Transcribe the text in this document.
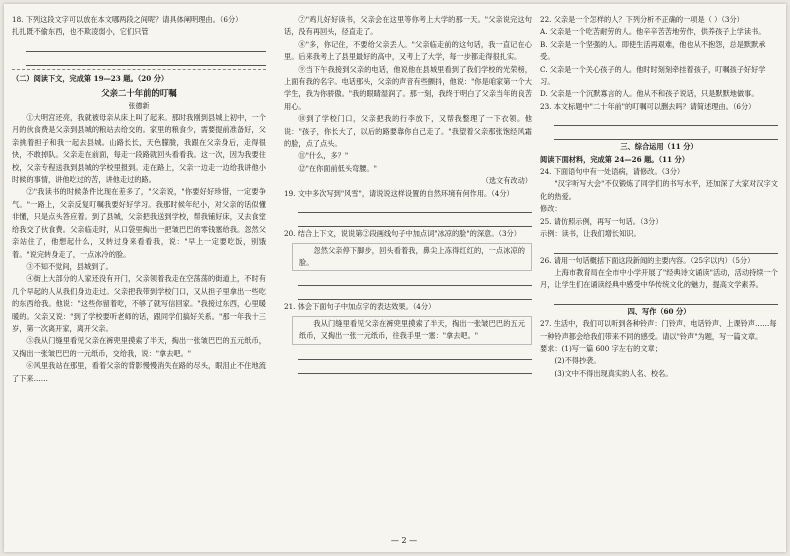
18. 下列这段文字可以放在本文哪两段之间呢？请具体阐明理由。（6分）

扎扎既不偷东西，也不欺凌弱小，它们只管

（二）阅读下文，完成第 19—23 题。（20 分）

父亲二十年前的叮嘱

张德新

①大明宫还亮，我就被母亲从床上叫了起来。那时我刚到县城上初中，一个月的伙食费是父亲到县城的粮站去给交的。家里的粮食少，需要提前准备好，父亲挑着担子和我一起去县城。山路长长，天色朦胧，我跟在父亲身后，走得很快，不敢掉队。父亲走在前面，每走一段路就回头看看我。这一次，因为我要住校，父亲专程送我到县城的学校里报到。走在路上，父亲一边走一边给我讲他小时候的事情，讲他吃过的苦，讲他走过的路。

②"我读书的时候条件比现在差多了，"父亲说，"你要好好珍惜，一定要争气。"一路上，父亲反复叮嘱我要好好学习。我那时候年纪小，对父亲的话似懂非懂，只是点头答应着。到了县城，父亲把我送到学校，帮我铺好床，又去食堂给我交了伙食费。父亲临走时，从口袋里掏出一把皱巴巴的零钱塞给我。忽然父亲站住了，他想起什么，又转过身来看看我，说："早上一定要吃饭，别饿着。"说完转身走了，一点冰冷的脸。

③不知不觉间，县城到了。

④街上大部分的人家还没有开门，父亲领着我走在空荡荡的街道上，不时有几个早起的人从我们身边走过。父亲把我带到学校门口，又从担子里拿出一些吃的东西给我。他说："这些你留着吃，不够了就写信回家。"我接过东西，心里暖暖的。父亲又说："到了学校要听老师的话，跟同学们搞好关系。"那一年我十三岁，第一次离开家，离开父亲。

⑤我从门缝里看见父亲在裤兜里摸索了半天，掏出一张皱巴巴的五元纸币，又掏出一张皱巴巴的一元纸币，交给我，说："拿去吧。"

⑥风里我站在那里，看着父亲的背影慢慢消失在路的尽头，眼泪止不住地流了下来……

⑦"鸡儿好好读书，父亲会在这里等你考上大学的那一天。"父亲说完这句话，没有再回头，径直走了。

⑧"多，你记住，不要给父亲丢人。"父亲临走前的这句话，我一直记在心里。后来我考上了县里最好的高中，又考上了大学，每一步都走得很扎实。

⑨当下午我接到父亲的电话，他说他在县城里看到了我们学校的光荣榜，上面有我的名字。电话那头，父亲的声音有些颤抖，他说："你是咱家第一个大学生，我为你骄傲。"我的眼睛湿润了。那一刻，我终于明白了父亲当年的良苦用心。

⑩到了学校门口，父亲把我的行李放下，又帮我整理了一下衣领。他说："孩子，你长大了，以后的路要靠你自己走了。"我望着父亲那张饱经风霜的脸，点了点头。

⑪"什么，多？"

⑫"在你面前低头弯腰。"

（选文有改动）

19. 文中多次写到"风雪"，请说说这样设置的自然环境有何作用。（4分）

20. 结合上下文，说说第②段画线句子中加点词"冰凉的脸"的深意。（3分）

忽然父亲停下脚步，回头看着我，鼻尖上冻得红红的，一点冰凉的脸。

21. 体会下面句子中加点字的表达效果。（4分）

我从门缝里看见父亲在裤兜里摸索了半天，掏出一张皱巴巴的五元纸币，又掏出一张一元纸币，往我手里一塞："拿去吧。"

22. 父亲是一个怎样的人？下列分析不正确的一项是（ ）（3分）

A. 父亲是一个吃苦耐劳的人。他辛辛苦苦地劳作，供养孩子上学读书。

B. 父亲是一个坚强的人。即使生活再艰难，他也从不抱怨，总是默默承受。

C. 父亲是一个关心孩子的人。他时时刻刻牵挂着孩子，叮嘱孩子好好学习。

D. 父亲是一个沉默寡言的人。他从不和孩子说话，只是默默地做事。

23. 本文标题中"二十年前"的叮嘱可以删去吗？请简述理由。（6分）

三、综合运用（11 分）

阅读下面材料，完成第 24—26 题。（11 分）

24. 下面语句中有一处语病，请修改。（3分）

"汉字听写大会"不仅锻炼了同学们的书写水平，还加深了大家对汉字文化的热爱。

修改：

25. 请仿照示例，再写一句话。（3分）

示例：读书，让我们增长知识。

26. 请用一句话概括下面这段新闻的主要内容。（25字以内）（5分）

上海市教育局在全市中小学开展了"经典诗文诵读"活动，活动持续一个月，让学生们在诵读经典中感受中华传统文化的魅力，提高文学素养。

四、写作（60 分）

27. 生活中，我们可以听到各种铃声：门铃声、电话铃声、上课铃声……每一种铃声都会给我们带来不同的感受。请以"铃声"为题，写一篇文章。

要求：(1)写一篇 600 字左右的文章；

(2)不得抄袭。

(3)文中不得出现真实的人名、校名。

— 2 —
